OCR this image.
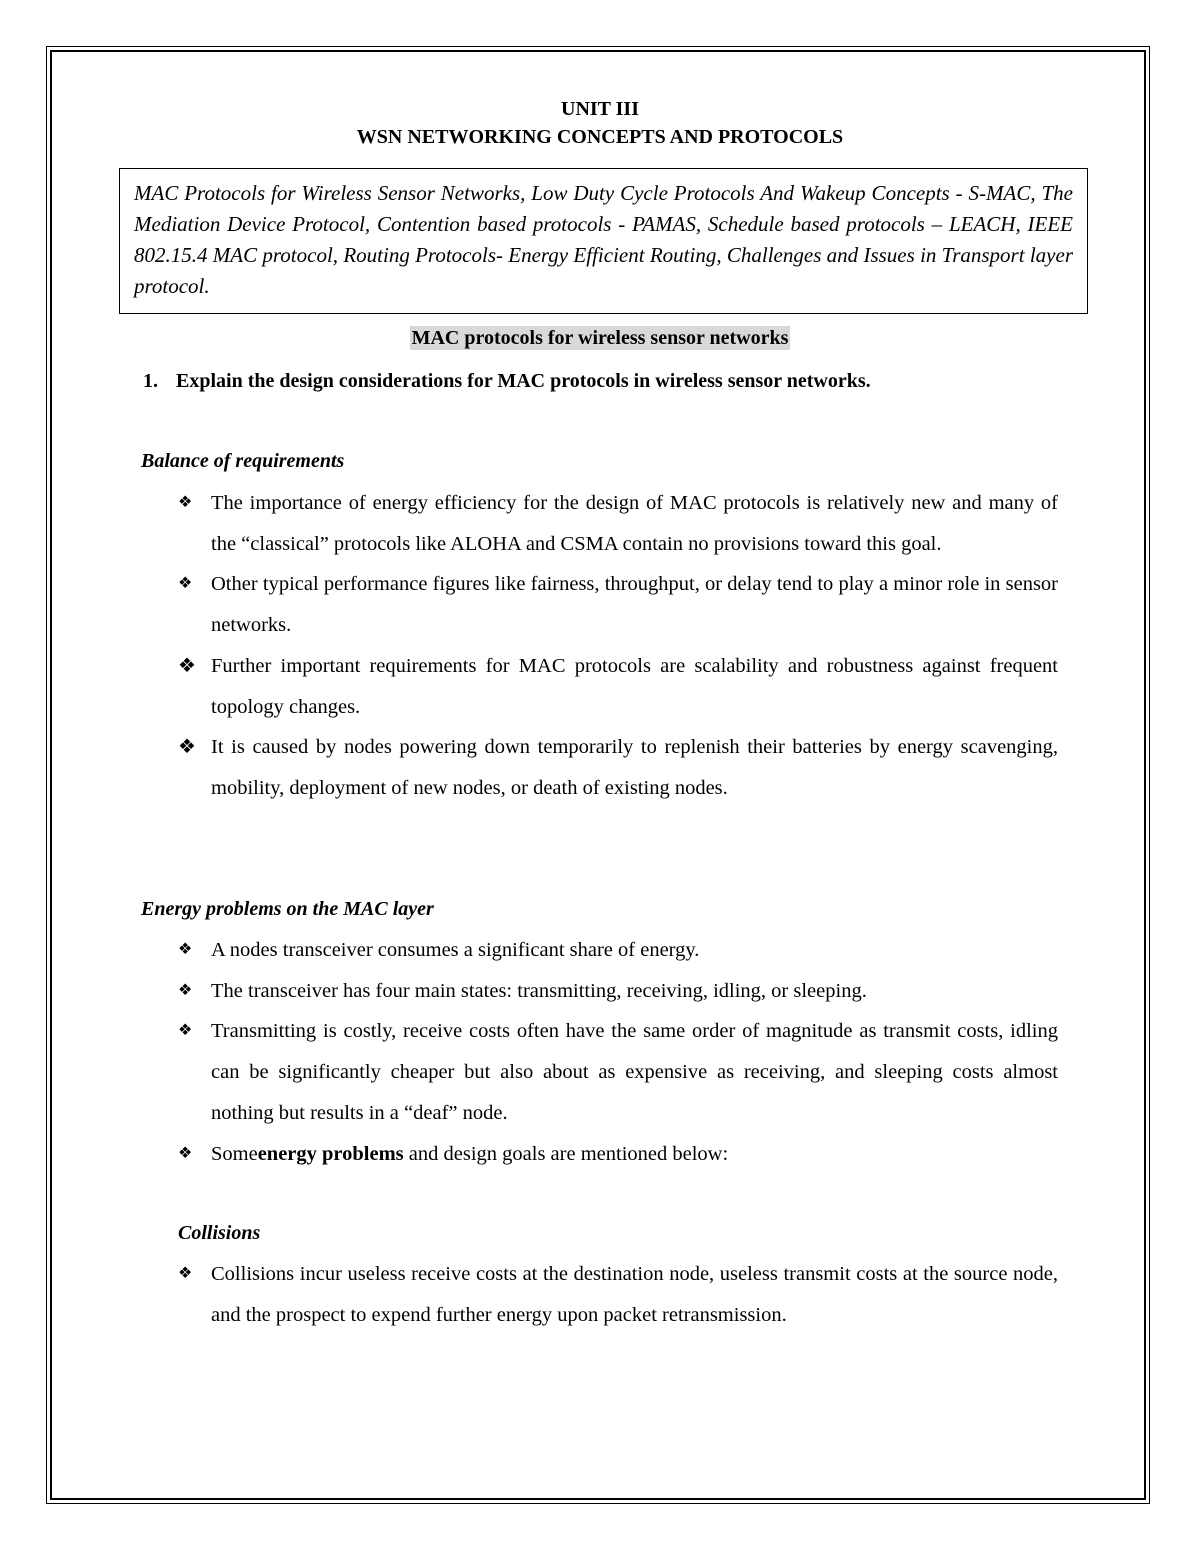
UNIT III
WSN NETWORKING CONCEPTS AND PROTOCOLS
MAC Protocols for Wireless Sensor Networks, Low Duty Cycle Protocols And Wakeup Concepts - S-MAC, The Mediation Device Protocol, Contention based protocols - PAMAS, Schedule based protocols – LEACH, IEEE 802.15.4 MAC protocol, Routing Protocols- Energy Efficient Routing, Challenges and Issues in Transport layer protocol.
MAC protocols for wireless sensor networks
1. Explain the design considerations for MAC protocols in wireless sensor networks.
Balance of requirements
❖ The importance of energy efficiency for the design of MAC protocols is relatively new and many of the “classical” protocols like ALOHA and CSMA contain no provisions toward this goal.
❖ Other typical performance figures like fairness, throughput, or delay tend to play a minor role in sensor networks.
❖ Further important requirements for MAC protocols are scalability and robustness against frequent topology changes.
❖ It is caused by nodes powering down temporarily to replenish their batteries by energy scavenging, mobility, deployment of new nodes, or death of existing nodes.
Energy problems on the MAC layer
❖ A nodes transceiver consumes a significant share of energy.
❖ The transceiver has four main states: transmitting, receiving, idling, or sleeping.
❖ Transmitting is costly, receive costs often have the same order of magnitude as transmit costs, idling can be significantly cheaper but also about as expensive as receiving, and sleeping costs almost nothing but results in a “deaf” node.
❖ Someenergy problems and design goals are mentioned below:
Collisions
❖ Collisions incur useless receive costs at the destination node, useless transmit costs at the source node, and the prospect to expend further energy upon packet retransmission.
